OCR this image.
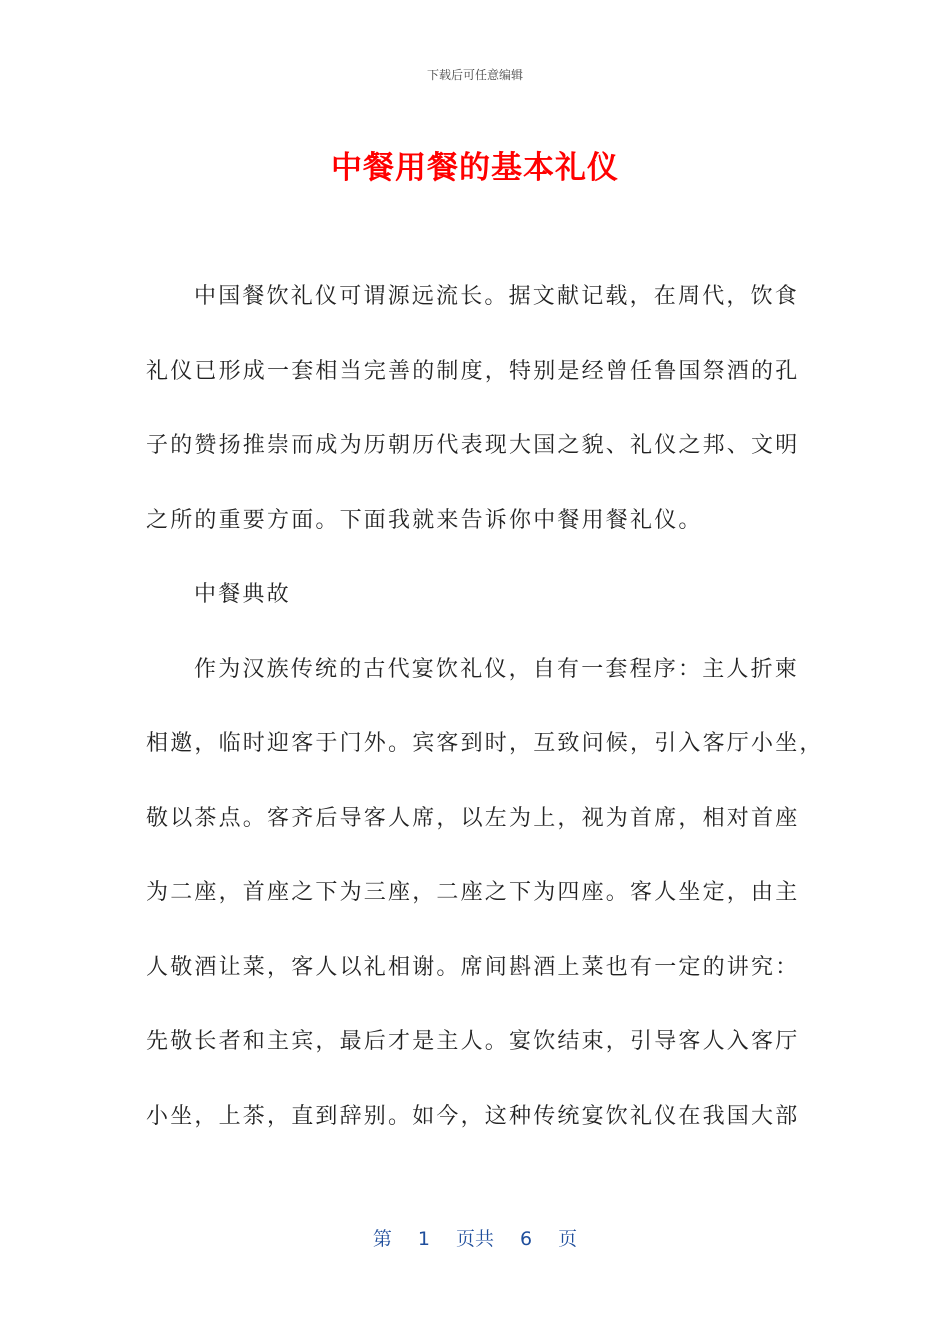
下载后可任意编辑
中餐用餐的基本礼仪
中国餐饮礼仪可谓源远流长。据文献记载，在周代，饮食
礼仪已形成一套相当完善的制度，特别是经曾任鲁国祭酒的孔
子的赞扬推崇而成为历朝历代表现大国之貌、礼仪之邦、文明
之所的重要方面。下面我就来告诉你中餐用餐礼仪。
中餐典故
作为汉族传统的古代宴饮礼仪，自有一套程序：主人折柬
相邀，临时迎客于门外。宾客到时，互致问候，引入客厅小坐，
敬以茶点。客齐后导客人席，以左为上，视为首席，相对首座
为二座，首座之下为三座，二座之下为四座。客人坐定，由主
人敬酒让菜，客人以礼相谢。席间斟酒上菜也有一定的讲究：
先敬长者和主宾，最后才是主人。宴饮结束，引导客人入客厅
小坐，上茶，直到辞别。如今，这种传统宴饮礼仪在我国大部
第 1 页共 6 页
